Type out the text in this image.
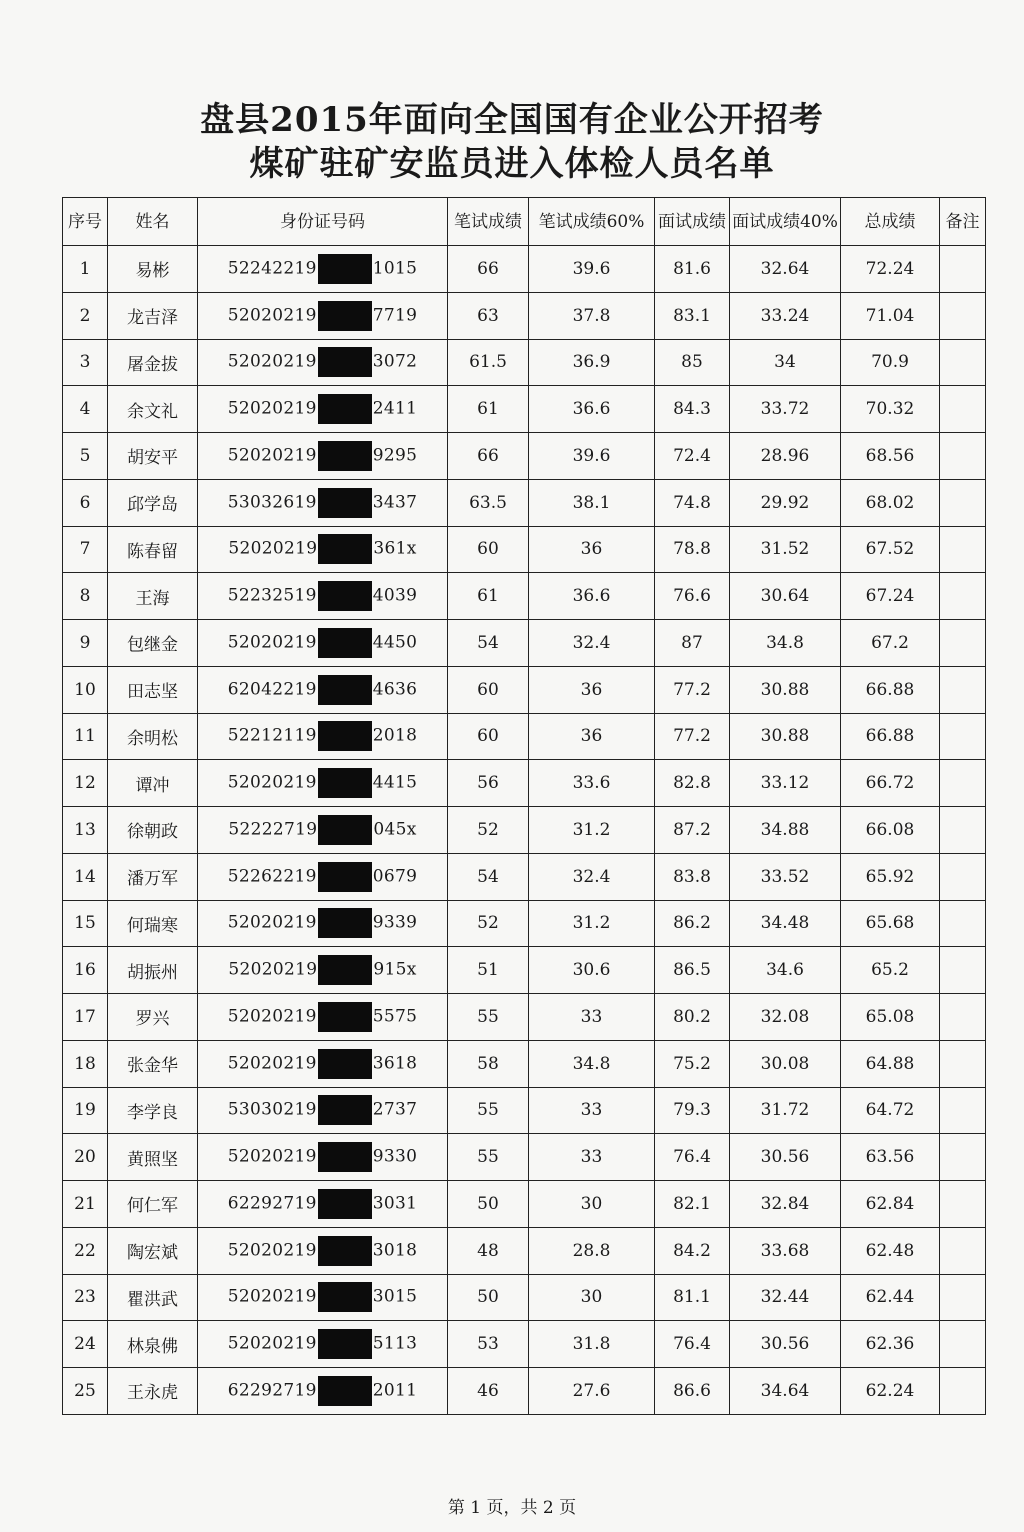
盘县2015年面向全国国有企业公开招考
煤矿驻矿安监员进入体检人员名单
序号	姓名	身份证号码	笔试成绩	笔试成绩60%	面试成绩	面试成绩40%	总成绩	备注
1	易彬	52242219 1015	66	39.6	81.6	32.64	72.24	
2	龙吉泽	52020219 7719	63	37.8	83.1	33.24	71.04	
3	屠金拔	52020219 3072	61.5	36.9	85	34	70.9	
4	余文礼	52020219 2411	61	36.6	84.3	33.72	70.32	
5	胡安平	52020219 9295	66	39.6	72.4	28.96	68.56	
6	邱学岛	53032619 3437	63.5	38.1	74.8	29.92	68.02	
7	陈春留	52020219 361x	60	36	78.8	31.52	67.52	
8	王海	52232519 4039	61	36.6	76.6	30.64	67.24	
9	包继金	52020219 4450	54	32.4	87	34.8	67.2	
10	田志坚	62042219 4636	60	36	77.2	30.88	66.88	
11	余明松	52212119 2018	60	36	77.2	30.88	66.88	
12	谭冲	52020219 4415	56	33.6	82.8	33.12	66.72	
13	徐朝政	52222719 045x	52	31.2	87.2	34.88	66.08	
14	潘万军	52262219 0679	54	32.4	83.8	33.52	65.92	
15	何瑞寒	52020219 9339	52	31.2	86.2	34.48	65.68	
16	胡振州	52020219 915x	51	30.6	86.5	34.6	65.2	
17	罗兴	52020219 5575	55	33	80.2	32.08	65.08	
18	张金华	52020219 3618	58	34.8	75.2	30.08	64.88	
19	李学良	53030219 2737	55	33	79.3	31.72	64.72	
20	黄照坚	52020219 9330	55	33	76.4	30.56	63.56	
21	何仁军	62292719 3031	50	30	82.1	32.84	62.84	
22	陶宏斌	52020219 3018	48	28.8	84.2	33.68	62.48	
23	瞿洪武	52020219 3015	50	30	81.1	32.44	62.44	
24	林泉佛	52020219 5113	53	31.8	76.4	30.56	62.36	
25	王永虎	62292719 2011	46	27.6	86.6	34.64	62.24	
第 1 页，共 2 页
